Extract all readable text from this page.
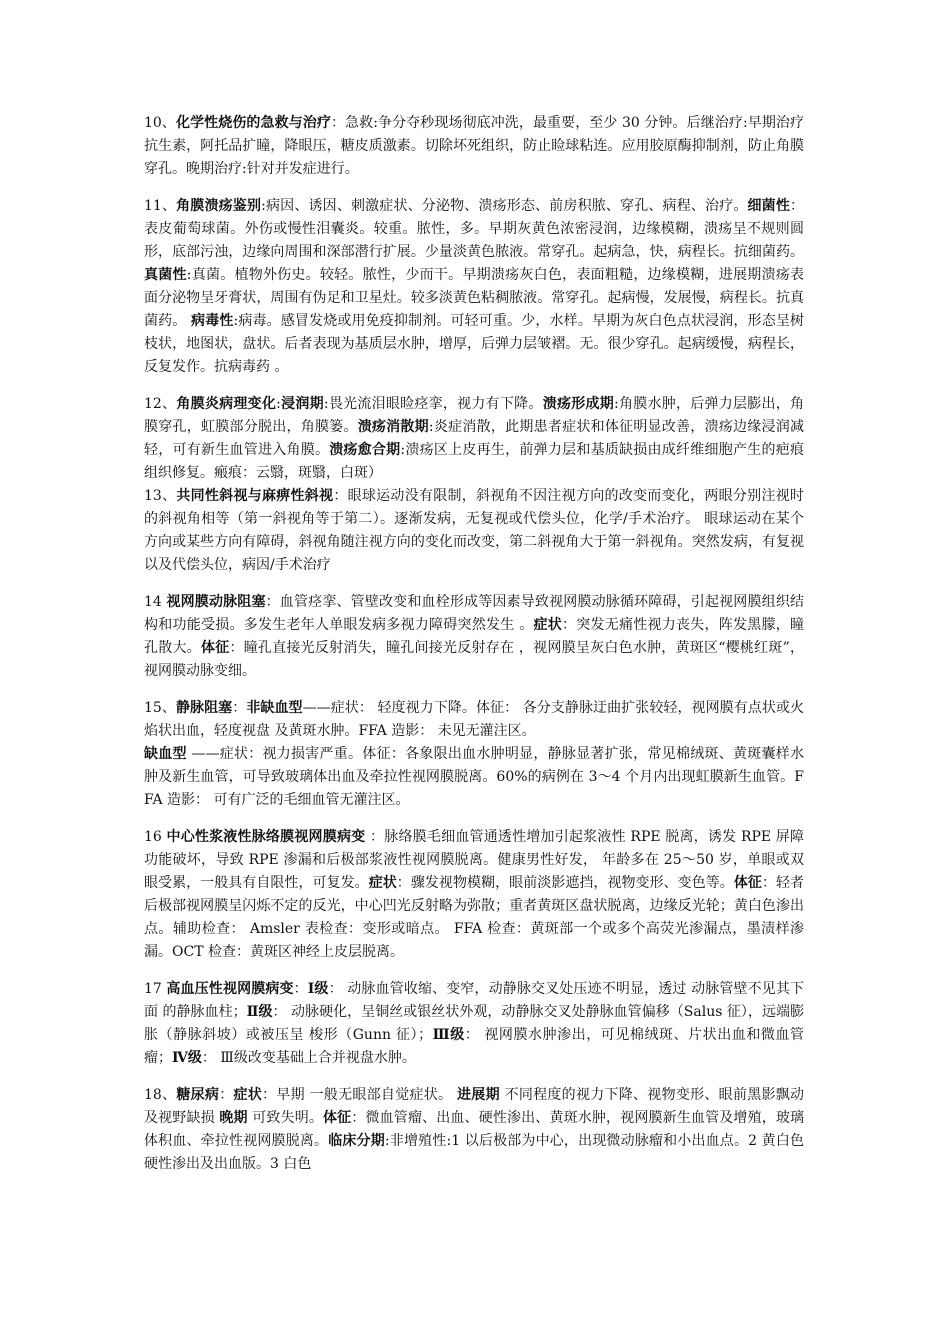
10、化学性烧伤的急救与治疗：急救:争分夺秒现场彻底冲洗，最重要，至少 30 分钟。后继治疗:早期治疗抗生素，阿托品扩瞳，降眼压，糖皮质激素。切除坏死组织，防止睑球粘连。应用胶原酶抑制剂，防止角膜穿孔。晚期治疗:针对并发症进行。

11、角膜溃疡鉴别:病因、诱因、刺激症状、分泌物、溃疡形态、前房积脓、穿孔、病程、治疗。细菌性：表皮葡萄球菌。外伤或慢性泪囊炎。较重。脓性，多。早期灰黄色浓密浸润，边缘模糊，溃疡呈不规则圆形，底部污浊，边缘向周围和深部潜行扩展。少量淡黄色脓液。常穿孔。起病急，快，病程长。抗细菌药。 真菌性:真菌。植物外伤史。较轻。脓性，少而干。早期溃疡灰白色，表面粗糙，边缘模糊，进展期溃疡表面分泌物呈牙膏状，周围有伪足和卫星灶。较多淡黄色粘稠脓液。常穿孔。起病慢，发展慢，病程长。抗真菌药。 病毒性:病毒。感冒发烧或用免疫抑制剂。可轻可重。少，水样。早期为灰白色点状浸润，形态呈树枝状，地图状，盘状。后者表现为基质层水肿，增厚，后弹力层皱褶。无。很少穿孔。起病缓慢，病程长，反复发作。抗病毒药 。

12、角膜炎病理变化:浸润期:畏光流泪眼睑痉挛，视力有下降。溃疡形成期:角膜水肿，后弹力层膨出，角膜穿孔，虹膜部分脱出，角膜篓。溃疡消散期:炎症消散，此期患者症状和体征明显改善，溃疡边缘浸润减轻，可有新生血管进入角膜。溃疡愈合期:溃疡区上皮再生，前弹力层和基质缺损由成纤维细胞产生的疤痕组织修复。瘢痕：云翳，斑翳，白斑）

13、共同性斜视与麻痹性斜视：眼球运动没有限制，斜视角不因注视方向的改变而变化，两眼分别注视时的斜视角相等（第一斜视角等于第二）。逐渐发病，无复视或代偿头位，化学/手术治疗。 眼球运动在某个方向或某些方向有障碍，斜视角随注视方向的变化而改变，第二斜视角大于第一斜视角。突然发病，有复视以及代偿头位，病因/手术治疗

14 视网膜动脉阻塞：血管痉挛、管壁改变和血栓形成等因素导致视网膜动脉循环障碍，引起视网膜组织结构和功能受损。多发生老年人单眼发病多视力障碍突然发生 。症状：突发无痛性视力丧失，阵发黑朦，瞳孔散大。体征：瞳孔直接光反射消失，瞳孔间接光反射存在 ，视网膜呈灰白色水肿，黄斑区“樱桃红斑”，视网膜动脉变细。

15、静脉阻塞：非缺血型——症状： 轻度视力下降。体征： 各分支静脉迂曲扩张较轻，视网膜有点状或火焰状出血，轻度视盘 及黄斑水肿。FFA 造影： 未见无灌注区。
缺血型 ——症状：视力损害严重。体征：各象限出血水肿明显，静脉显著扩张，常见棉绒斑、黄斑囊样水肿及新生血管，可导致玻璃体出血及牵拉性视网膜脱离。60%的病例在 3～4 个月内出现虹膜新生血管。FFA 造影： 可有广泛的毛细血管无灌注区。

16 中心性浆液性脉络膜视网膜病变 ：脉络膜毛细血管通透性增加引起浆液性 RPE 脱离，诱发 RPE 屏障功能破坏，导致 RPE 渗漏和后极部浆液性视网膜脱离。健康男性好发， 年龄多在 25～50 岁，单眼或双眼受累，一般具有自限性，可复发。症状：骤发视物模糊，眼前淡影遮挡，视物变形、变色等。体征：轻者后极部视网膜呈闪烁不定的反光，中心凹光反射略为弥散；重者黄斑区盘状脱离，边缘反光轮；黄白色渗出点。辅助检查： Amsler 表检查：变形或暗点。 FFA 检查：黄斑部一个或多个高荧光渗漏点，墨渍样渗漏。OCT 检查：黄斑区神经上皮层脱离。

17 高血压性视网膜病变：Ⅰ级： 动脉血管收缩、变窄，动静脉交叉处压迹不明显，透过 动脉管壁不见其下面 的静脉血柱；Ⅱ级： 动脉硬化，呈铜丝或银丝状外观，动静脉交叉处静脉血管偏移（Salus 征），远端膨胀（静脉斜坡）或被压呈 梭形（Gunn 征）；Ⅲ级： 视网膜水肿渗出，可见棉绒斑、片状出血和微血管瘤；Ⅳ级： Ⅲ级改变基础上合并视盘水肿。

18、糖尿病：症状：早期 一般无眼部自觉症状。 进展期 不同程度的视力下降、视物变形、眼前黑影飘动及视野缺损 晚期 可致失明。体征：微血管瘤、出血、硬性渗出、黄斑水肿，视网膜新生血管及增殖，玻璃体积血、牵拉性视网膜脱离。临床分期:非增殖性:1 以后极部为中心，出现微动脉瘤和小出血点。2 黄白色硬性渗出及出血版。3 白色
